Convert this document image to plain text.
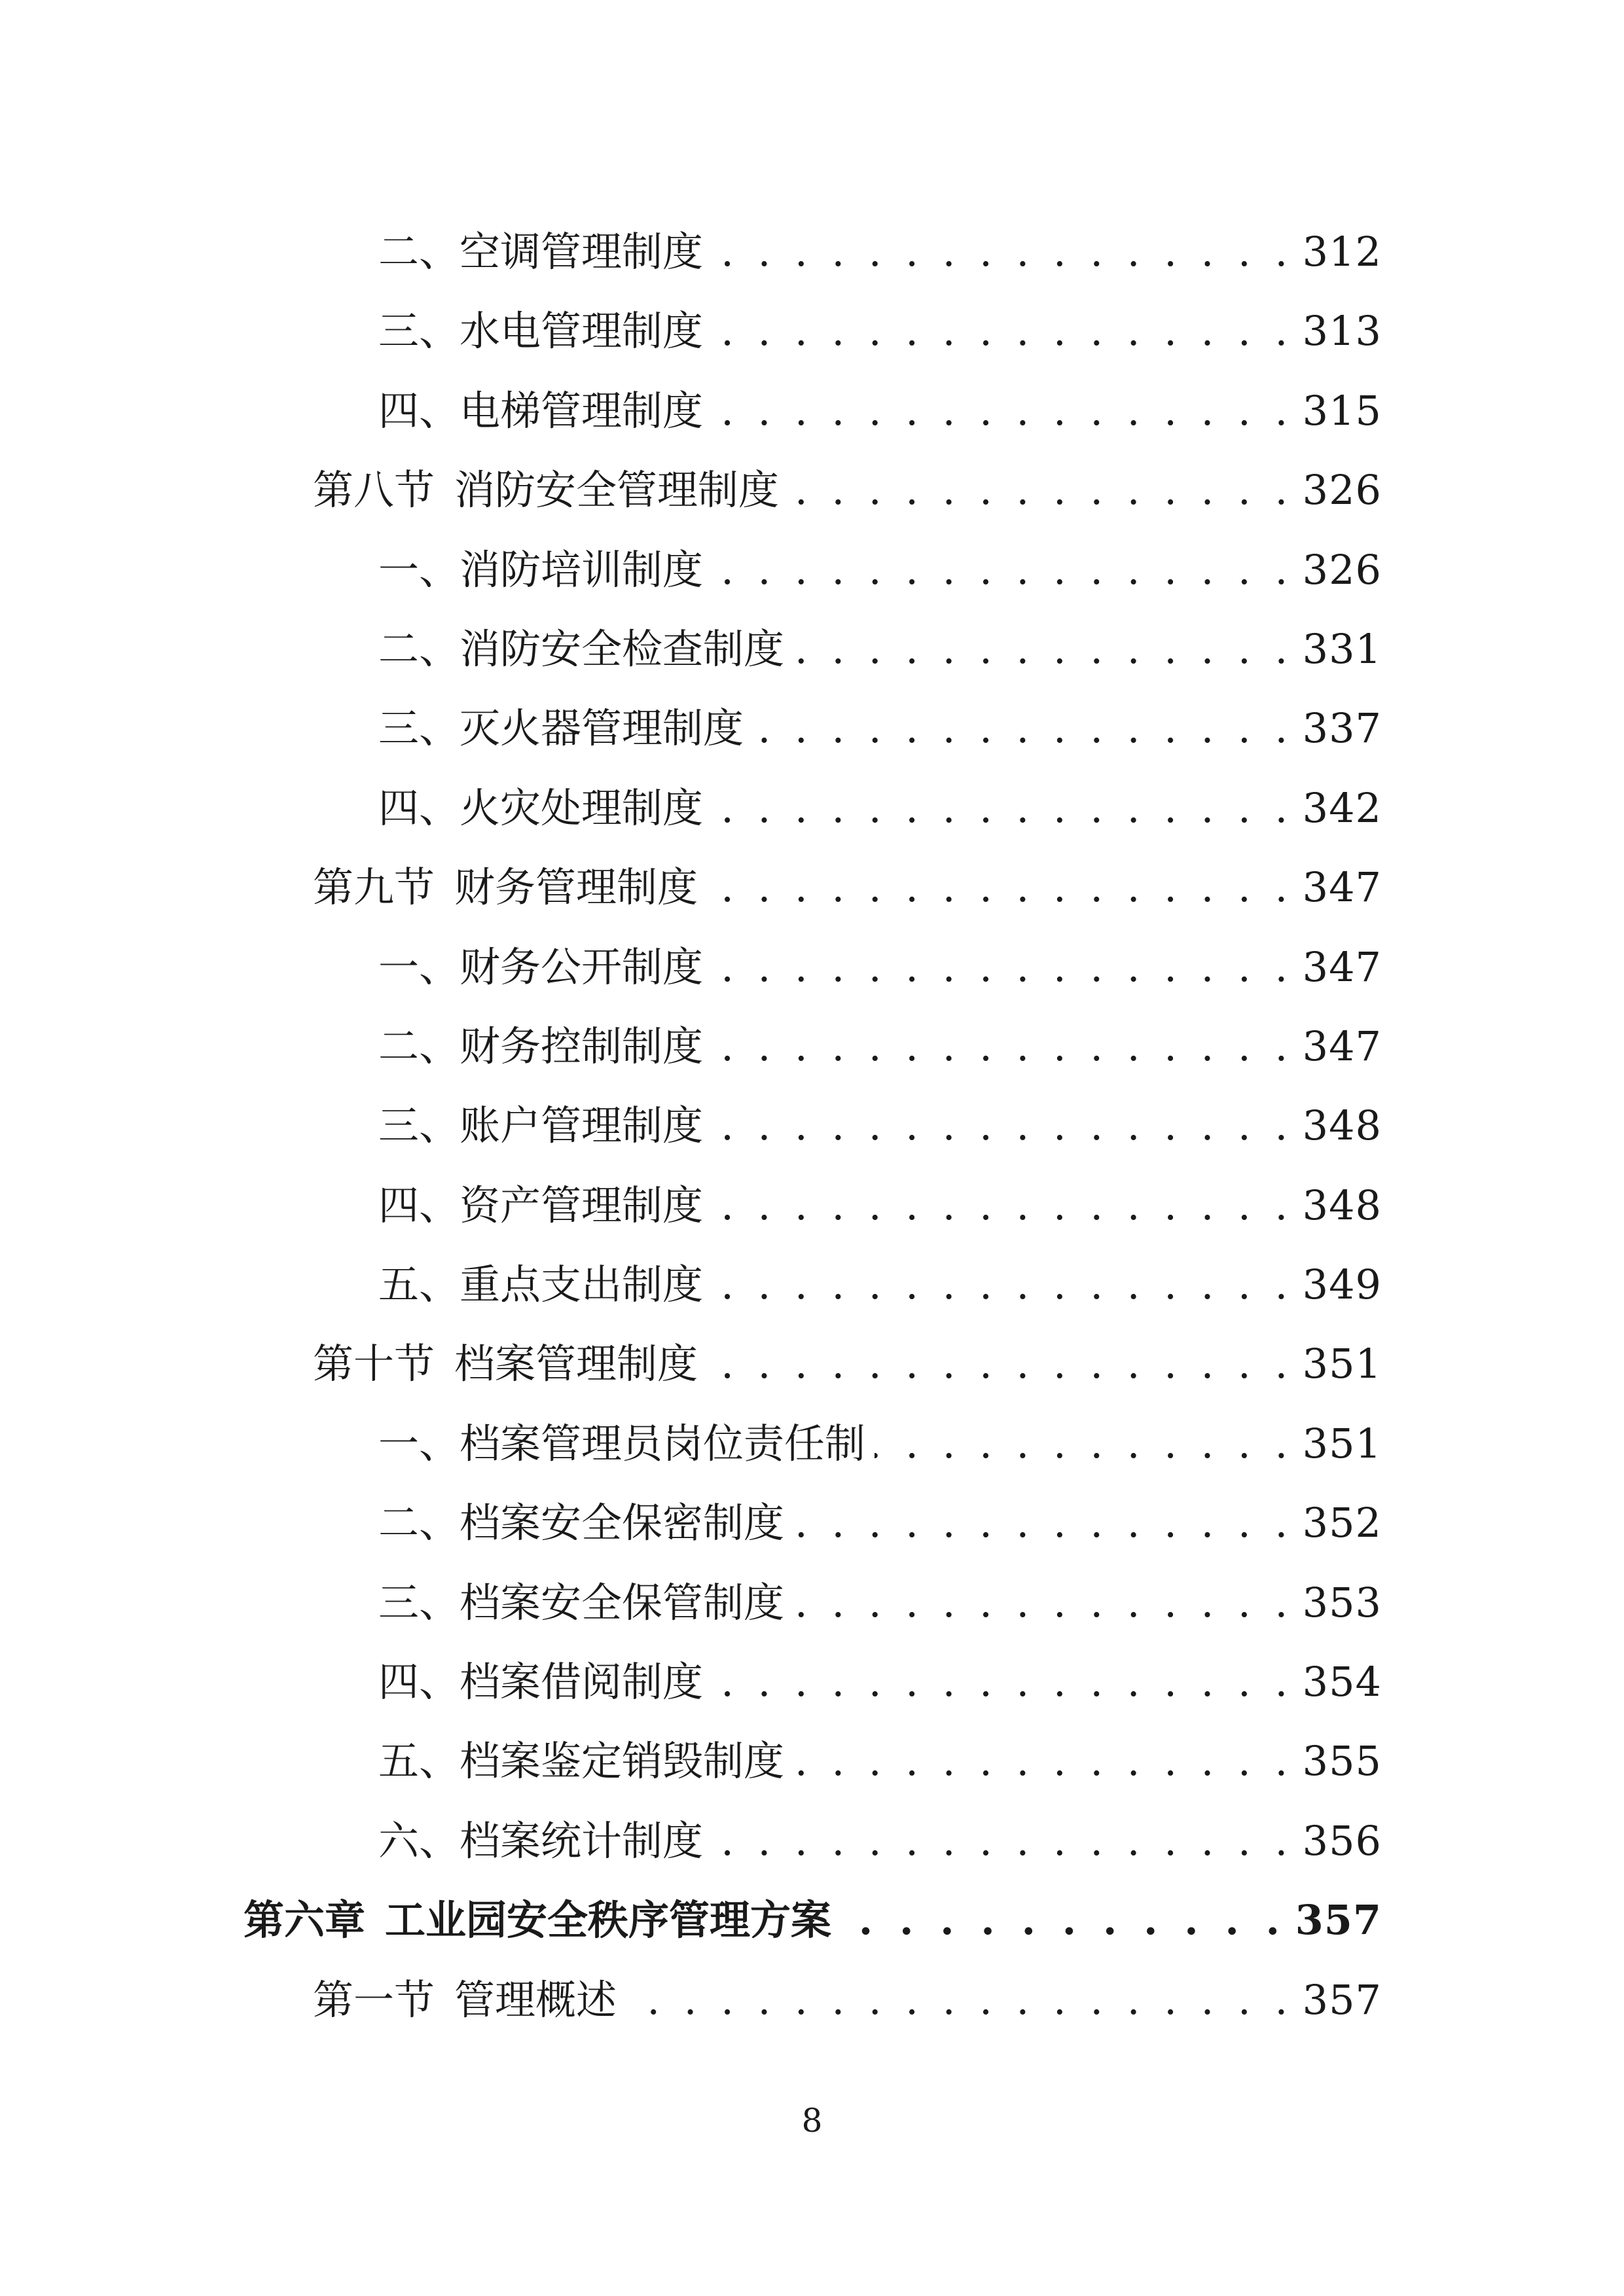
二、 空调管理制度 . . .	312
三、 水电管理制度 . . .	313
四、 电梯管理制度 . . .	315
第八节 消防安全管理制度 . . .	326
一、 消防培训制度 . . .	326
二、 消防安全检查制度 . . .	331
三、 灭火器管理制度 . . .	337
四、 火灾处理制度 . . .	342
第九节 财务管理制度 . . .	347
一、 财务公开制度 . . .	347
二、 财务控制制度 . . .	347
三、 账户管理制度 . . .	348
四、 资产管理制度 . . .	348
五、 重点支出制度 . . .	349
第十节 档案管理制度 . . .	351
一、 档案管理员岗位责任制 . . .	351
二、 档案安全保密制度 . . .	352
三、 档案安全保管制度 . . .	353
四、 档案借阅制度 . . .	354
五、 档案鉴定销毁制度 . . .	355
六、 档案统计制度 . . .	356
第六章 工业园安全秩序管理方案 . . .	357
第一节 管理概述 . . .	357
8
